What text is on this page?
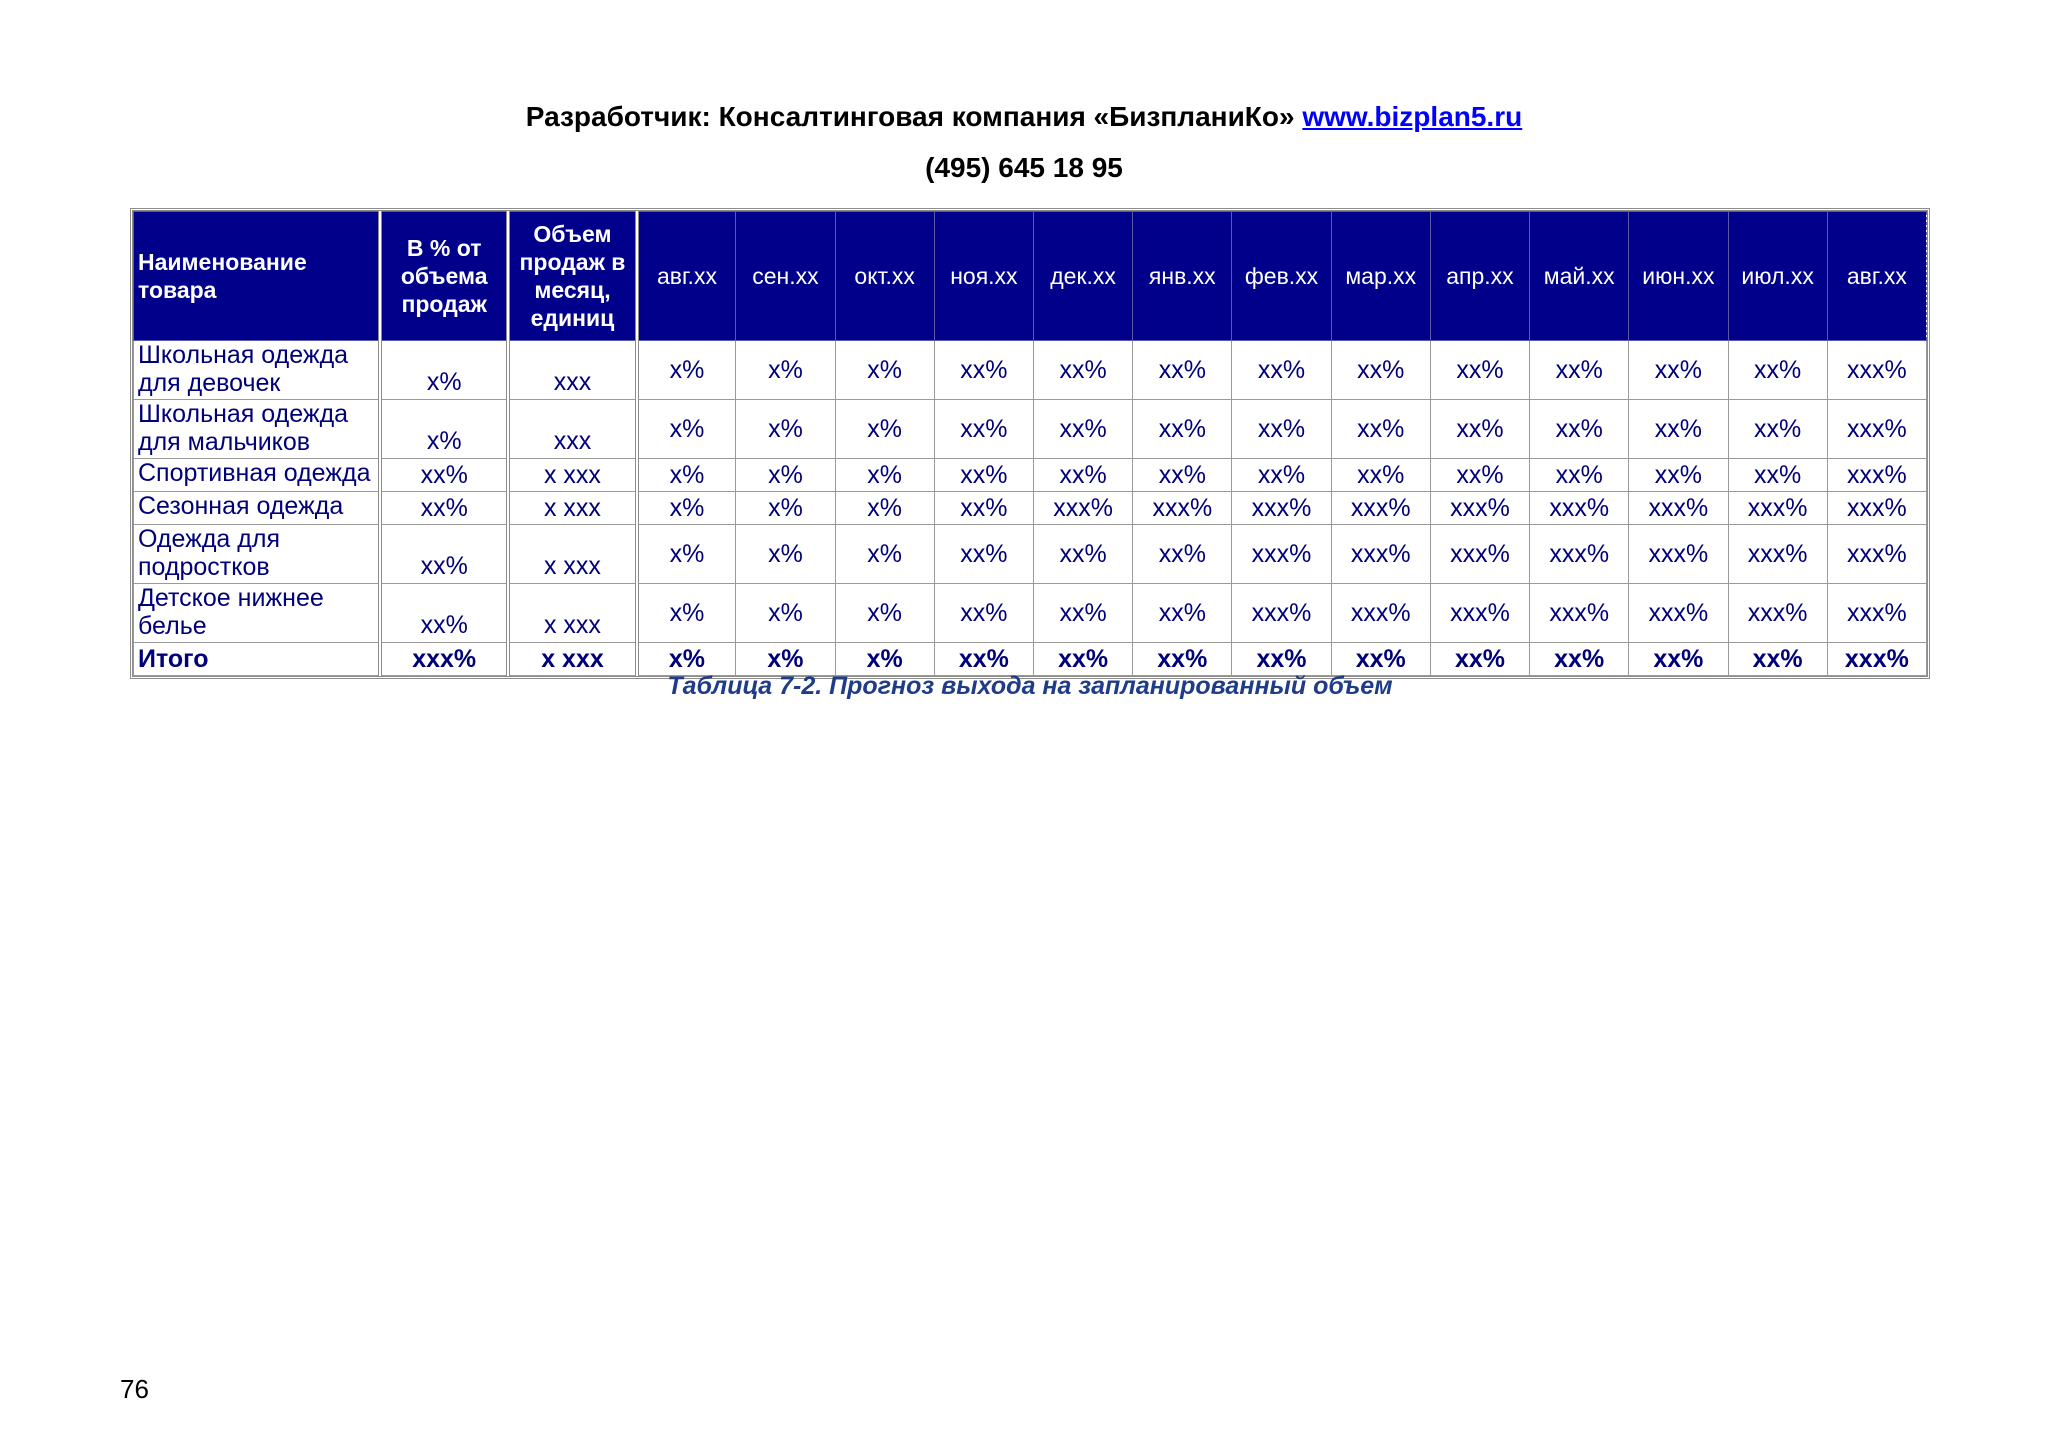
Разработчик: Консалтинговая компания «БизпланиКо» www.bizplan5.ru
(495) 645 18 95
Наименование товара	В % от объема продаж	Объем продаж в месяц, единиц	авг.хх	сен.хх	окт.хх	ноя.хх	дек.хх	янв.хх	фев.хх	мар.хх	апр.хх	май.хх	июн.хх	июл.хх	авг.хх
Школьная одежда для девочек	х%	ххх	х%	х%	х%	хх%	хх%	хх%	хх%	хх%	хх%	хх%	хх%	хх%	ххх%
Школьная одежда для мальчиков	х%	ххх	х%	х%	х%	хх%	хх%	хх%	хх%	хх%	хх%	хх%	хх%	хх%	ххх%
Спортивная одежда	хх%	х ххх	х%	х%	х%	хх%	хх%	хх%	хх%	хх%	хх%	хх%	хх%	хх%	ххх%
Сезонная одежда	хх%	х ххх	х%	х%	х%	хх%	ххх%	ххх%	ххх%	ххх%	ххх%	ххх%	ххх%	ххх%	ххх%
Одежда для подростков	хх%	х ххх	х%	х%	х%	хх%	хх%	хх%	ххх%	ххх%	ххх%	ххх%	ххх%	ххх%	ххх%
Детское нижнее белье	хх%	х ххх	х%	х%	х%	хх%	хх%	хх%	ххх%	ххх%	ххх%	ххх%	ххх%	ххх%	ххх%
Итого	ххх%	х ххх	х%	х%	х%	хх%	хх%	хх%	хх%	хх%	хх%	хх%	хх%	хх%	ххх%
Таблица 7-2. Прогноз выхода на запланированный объем
76
